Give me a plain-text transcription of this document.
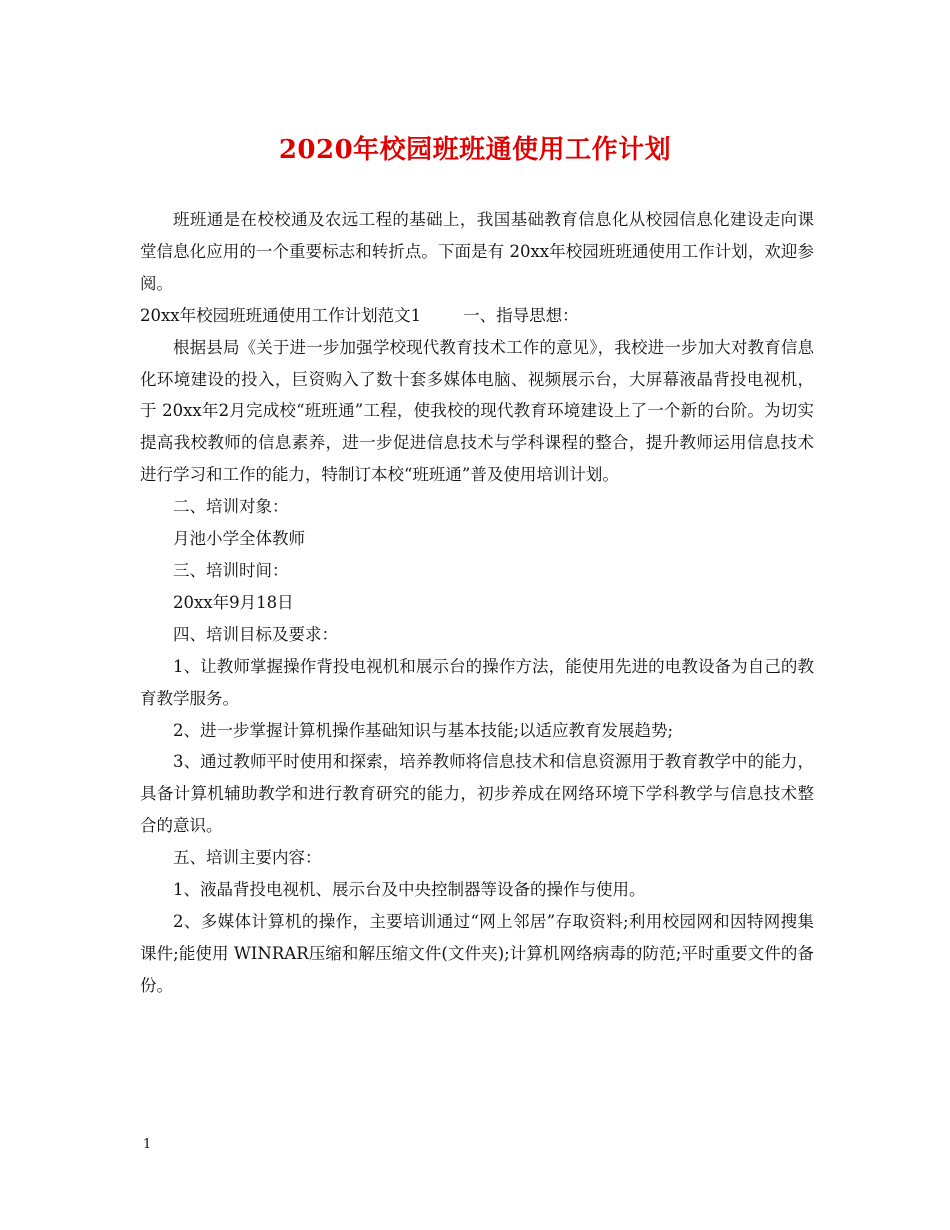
2020年校园班班通使用工作计划

班班通是在校校通及农远工程的基础上，我国基础教育信息化从校园信息化建设走向课堂信息化应用的一个重要标志和转折点。下面是有 20xx年校园班班通使用工作计划，欢迎参阅。

20xx年校园班班通使用工作计划范文1	一、指导思想：

根据县局《关于进一步加强学校现代教育技术工作的意见》，我校进一步加大对教育信息化环境建设的投入，巨资购入了数十套多媒体电脑、视频展示台，大屏幕液晶背投电视机，于 20xx年2月完成校“班班通”工程，使我校的现代教育环境建设上了一个新的台阶。为切实提高我校教师的信息素养，进一步促进信息技术与学科课程的整合，提升教师运用信息技术进行学习和工作的能力，特制订本校“班班通”普及使用培训计划。

二、培训对象：

月池小学全体教师

三、培训时间：

20xx年9月18日

四、培训目标及要求：

1、让教师掌握操作背投电视机和展示台的操作方法，能使用先进的电教设备为自己的教育教学服务。

2、进一步掌握计算机操作基础知识与基本技能;以适应教育发展趋势;

3、通过教师平时使用和探索，培养教师将信息技术和信息资源用于教育教学中的能力，具备计算机辅助教学和进行教育研究的能力，初步养成在网络环境下学科教学与信息技术整合的意识。

五、培训主要内容：

1、液晶背投电视机、展示台及中央控制器等设备的操作与使用。

2、多媒体计算机的操作，主要培训通过“网上邻居”存取资料;利用校园网和因特网搜集课件;能使用 WINRAR压缩和解压缩文件(文件夹);计算机网络病毒的防范;平时重要文件的备份。

1
